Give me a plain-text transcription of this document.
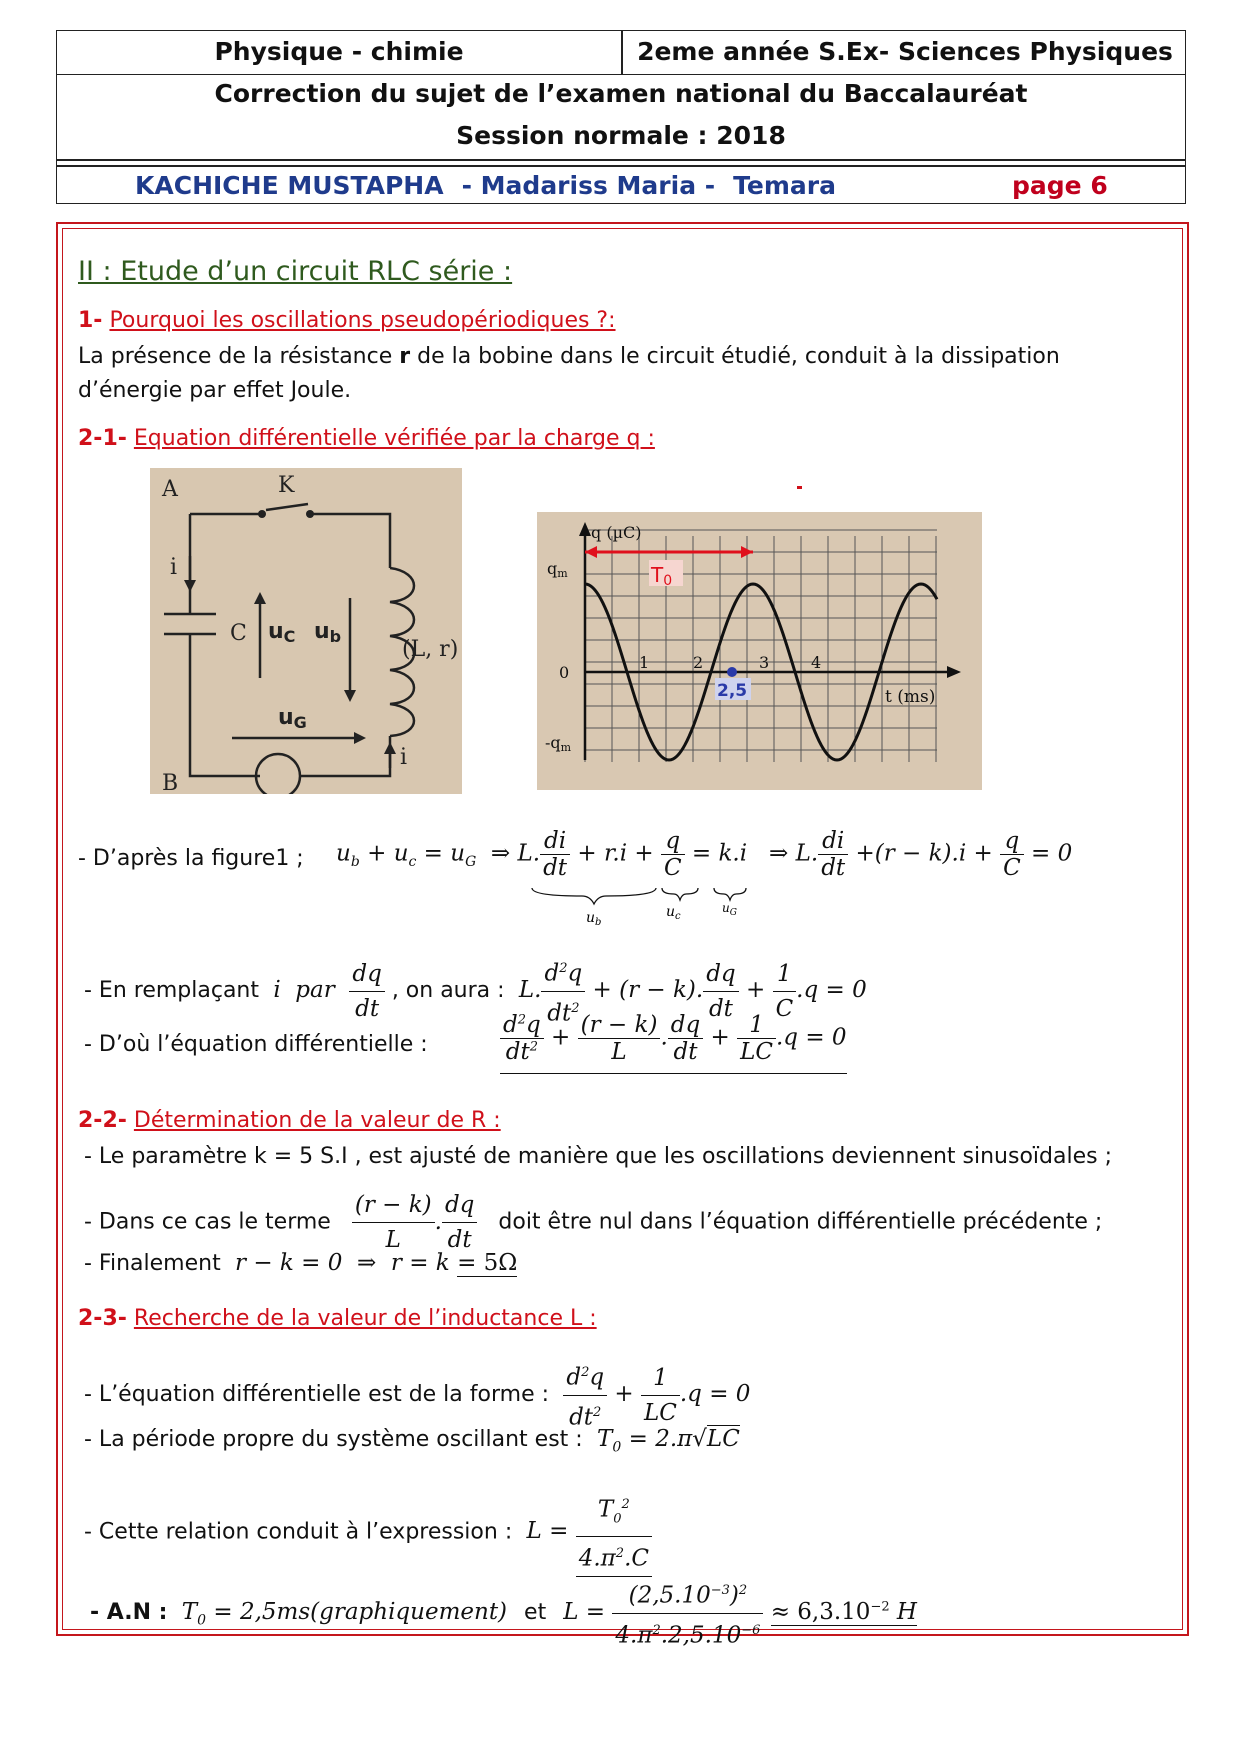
Physique - chimie	2eme année S.Ex- Sciences Physiques
Correction du sujet de l’examen national du Baccalauréat
Session normale : 2018
KACHICHE MUSTAPHA - Madariss Maria - Temara	page 6
II : Etude d’un circuit RLC série :
1- Pourquoi les oscillations pseudopériodiques ?:
La présence de la résistance r de la bobine dans le circuit étudié, conduit à la dissipation
d’énergie par effet Joule.
2-1- Equation différentielle vérifiée par la charge q :
A	K
B
i
i
C
(L, r)
uC ub
uG
T0
2,5
q (µC)
t (ms)
qm
-qm
0
1	2	3	4
- D’après la figure1 ; $u_b + u_c = u_G$  ⇒ L. $\frac{di}{dt} + r.i + \frac{q}{C} = k.i$   ⇒ L. $\frac{di}{dt} +(r - k).i + \frac{q}{C} = 0$
$u_b$
$u_c$
$u_G$
- En remplaçant  i  par $\frac{dq}{dt}$ , on aura :  L. $\frac{d^2q}{dt^2} + (r - k)$. $\frac{dq}{dt} + \frac{1}{C} .q = 0$
- D’où l’équation différentielle :	$\frac{d^2q}{dt^2} + \frac{(r - k)}{L}$ . $\frac{dq}{dt} + \frac{1}{LC} .q = 0$
2-2- Détermination de la valeur de R :
- Le paramètre k = 5 S.I , est ajusté de manière que les oscillations deviennent sinusoïdales ;
- Dans ce cas le terme $\frac{(r - k)}{L}$ . $\frac{dq}{dt}$ doit être nul dans l’équation différentielle précédente ;
- Finalement  r − k = 0  ⇒  r = k = 5Ω
2-3- Recherche de la valeur de l’inductance L :
- L’équation différentielle est de la forme : $\frac{d^2q}{dt^2} + \frac{1}{LC} .q = 0$
- La période propre du système oscillant est :  $T_0 = 2.\pi√LC$
- Cette relation conduit à l’expression :  $L = \frac{T_0^2}{4.\pi^2.C}$
- A.N :  $T_0$ = 2,5ms(graphiquement) et $L = \frac{(2,5.10^{-3})^2}{4.\pi^2.2,5.10^{-6}} \approx 6,3.10^{-2}$ H
